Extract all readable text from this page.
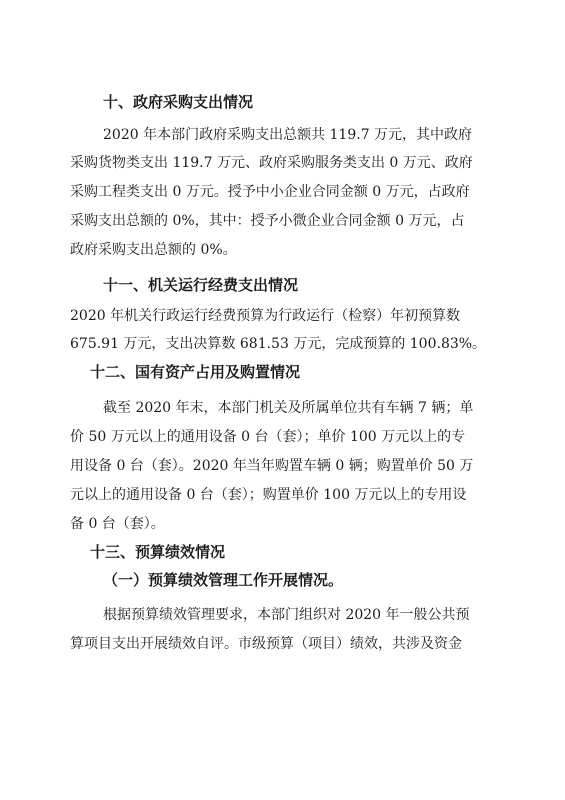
十、政府采购支出情况
2020 年本部门政府采购支出总额共 119.7 万元，其中政府
采购货物类支出 119.7 万元、政府采购服务类支出 0 万元、政府
采购工程类支出 0 万元。授予中小企业合同金额 0 万元，占政府
采购支出总额的 0%，其中：授予小微企业合同金额 0 万元，占
政府采购支出总额的 0%。
十一、机关运行经费支出情况
2020 年机关行政运行经费预算为行政运行（检察）年初预算数
675.91 万元，支出决算数 681.53 万元，完成预算的 100.83%。
十二、国有资产占用及购置情况
截至 2020 年末，本部门机关及所属单位共有车辆 7 辆；单
价 50 万元以上的通用设备 0 台（套）；单价 100 万元以上的专
用设备 0 台（套）。2020 年当年购置车辆 0 辆；购置单价 50 万
元以上的通用设备 0 台（套）；购置单价 100 万元以上的专用设
备 0 台（套）。
十三、预算绩效情况
（一）预算绩效管理工作开展情况。
根据预算绩效管理要求，本部门组织对 2020 年一般公共预
算项目支出开展绩效自评。市级预算（项目）绩效，共涉及资金
